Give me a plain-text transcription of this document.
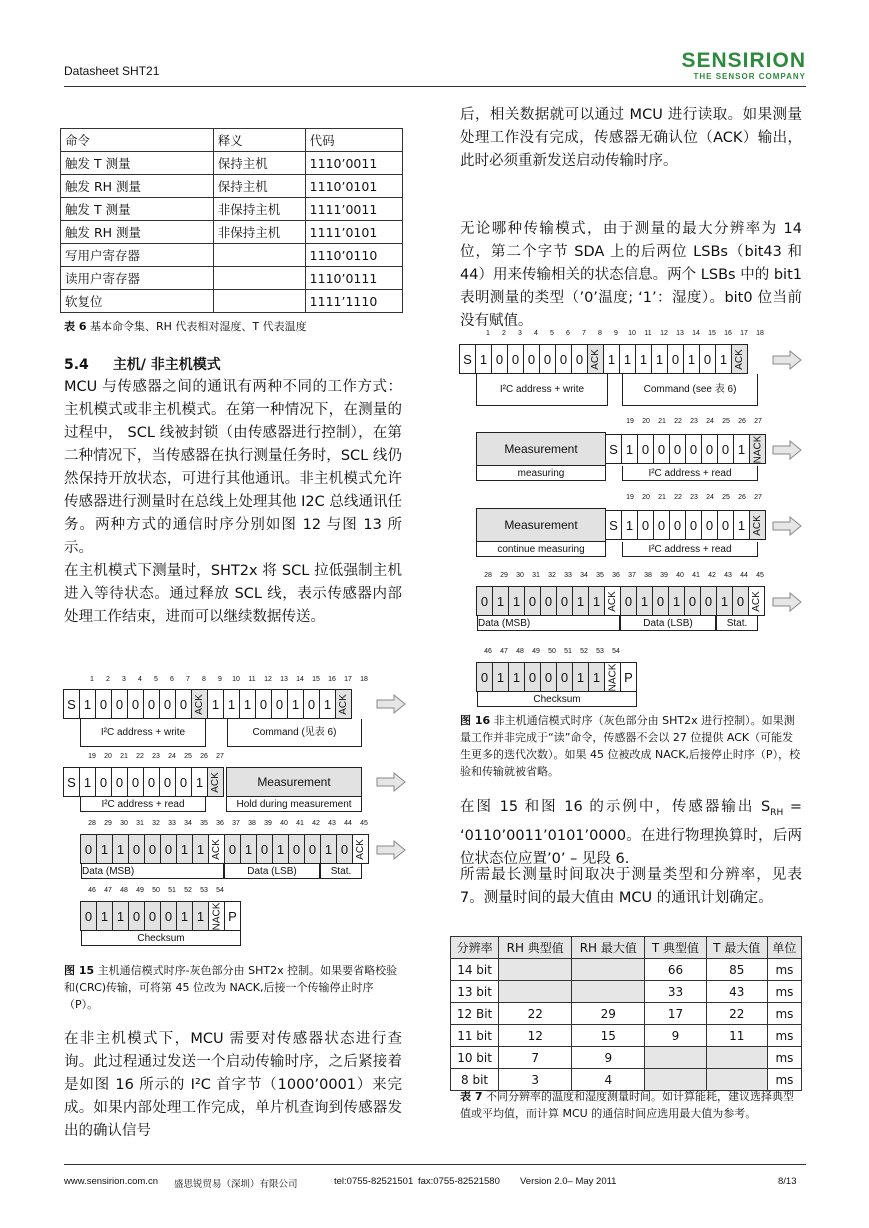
Datasheet SHT21	SENSIRION
THE SENSOR COMPANY
命令	释义	代码
触发 T 测量	保持主机	1110’0011
触发 RH 测量	保持主机	1110’0101
触发 T 测量	非保持主机	1111’0011
触发 RH 测量	非保持主机	1111’0101
写用户寄存器		1110’0110
读用户寄存器		1110’0111
软复位		1111’1110
表 6 基本命令集、RH 代表相对湿度、T 代表温度
5.4 主机/ 非主机模式

MCU 与传感器之间的通讯有两种不同的工作方式：主机模式或非主机模式。在第一种情况下，在测量的过程中， SCL 线被封锁（由传感器进行控制），在第二种情况下，当传感器在执行测量任务时，SCL 线仍然保持开放状态，可进行其他通讯。非主机模式允许传感器进行测量时在总线上处理其他 I2C 总线通讯任务。两种方式的通信时序分别如图 12 与图 13 所示。

在主机模式下测量时，SHT2x 将 SCL 拉低强制主机进入等待状态。通过释放 SCL 线，表示传感器内部处理工作结束，进而可以继续数据传送。

1	2	3	4	5	6	7	8	9	10	11	12	13	14	15	16	17	18
S 1 0 0 0 0 0 0 ACK 1 1 1 0 0 1 0 1 ACK
I²C address + write	Command (见表 6)
19	20	21	22	23	24	25	26	27
S 1 0 0 0 0 0 0 1 ACK	Measurement
I²C address + read	Hold during measurement
28	29	30	31	32	33	34	35	36	37	38	39	40	41	42	43	44	45
0 1 1 0 0 0 1 1 ACK 0 1 0 1 0 0 1 0 ACK
Data (MSB)	Data (LSB)	Stat.
46	47	48	49	50	51	52	53	54
0 1 1 0 0 0 1 1 NACK P
Checksum
图 15 主机通信模式时序-灰色部分由 SHT2x 控制。如果要省略校验和(CRC)传输，可将第 45 位改为 NACK,后接一个传输停止时序（P）。

在非主机模式下，MCU 需要对传感器状态进行查询。此过程通过发送一个启动传输时序，之后紧接着是如图 16 所示的 I²C 首字节（1000’0001）来完成。如果内部处理工作完成，单片机查询到传感器发出的确认信号

后，相关数据就可以通过 MCU 进行读取。如果测量处理工作没有完成，传感器无确认位（ACK）输出，此时必须重新发送启动传输时序。

无论哪种传输模式，由于测量的最大分辨率为 14 位，第二个字节 SDA 上的后两位 LSBs（bit43 和 44）用来传输相关的状态信息。两个 LSBs 中的 bit1 表明测量的类型（’0’温度; ‘1’：湿度）。bit0 位当前没有赋值。

1	2	3	4	5	6	7	8	9	10	11	12	13	14	15	16	17	18
S 1 0 0 0 0 0 0 ACK 1 1 1 1 0 1 0 1 ACK
I²C address + write	Command (see 表 6)
19	20	21	22	23	24	25	26	27
Measurement	S 1 0 0 0 0 0 0 1 NACK
measuring	I²C address + read
19	20	21	22	23	24	25	26	27
Measurement	S 1 0 0 0 0 0 0 1 ACK
continue measuring	I²C address + read
28	29	30	31	32	33	34	35	36	37	38	39	40	41	42	43	44	45
0 1 1 0 0 0 1 1 ACK 0 1 0 1 0 0 1 0 ACK
Data (MSB)	Data (LSB)	Stat.
46	47	48	49	50	51	52	53	54
0 1 1 0 0 0 1 1 NACK P
Checksum
图 16 非主机通信模式时序（灰色部分由 SHT2x 进行控制）。如果测量工作并非完成于“读”命令，传感器不会以 27 位提供 ACK（可能发生更多的迭代次数）。如果 45 位被改成 NACK,后接停止时序（P），校验和传输就被省略。

在图 15 和图 16 的示例中，传感器输出 $S_{RH}$ = ‘0110’0011’0101’0000。在进行物理换算时，后两位状态位应置’0’ – 见段 6.

所需最长测量时间取决于测量类型和分辨率，见表 7。测量时间的最大值由 MCU 的通讯计划确定。

分辨率	RH 典型值	RH 最大值	T 典型值	T 最大值	单位
14 bit			66	85	ms
13 bit			33	43	ms
12 Bit	22	29	17	22	ms
11 bit	12	15	9	11	ms
10 bit	7	9			ms
8 bit	3	4			ms
表 7 不同分辨率的温度和湿度测量时间。如计算能耗，建议选择典型值或平均值，而计算 MCU 的通信时间应选用最大值为参考。
www.sensirion.com.cn 盛思锐贸易（深圳）有限公司	tel:0755-82521501 fax:0755-82521580 Version 2.0– May 2011	8/13
